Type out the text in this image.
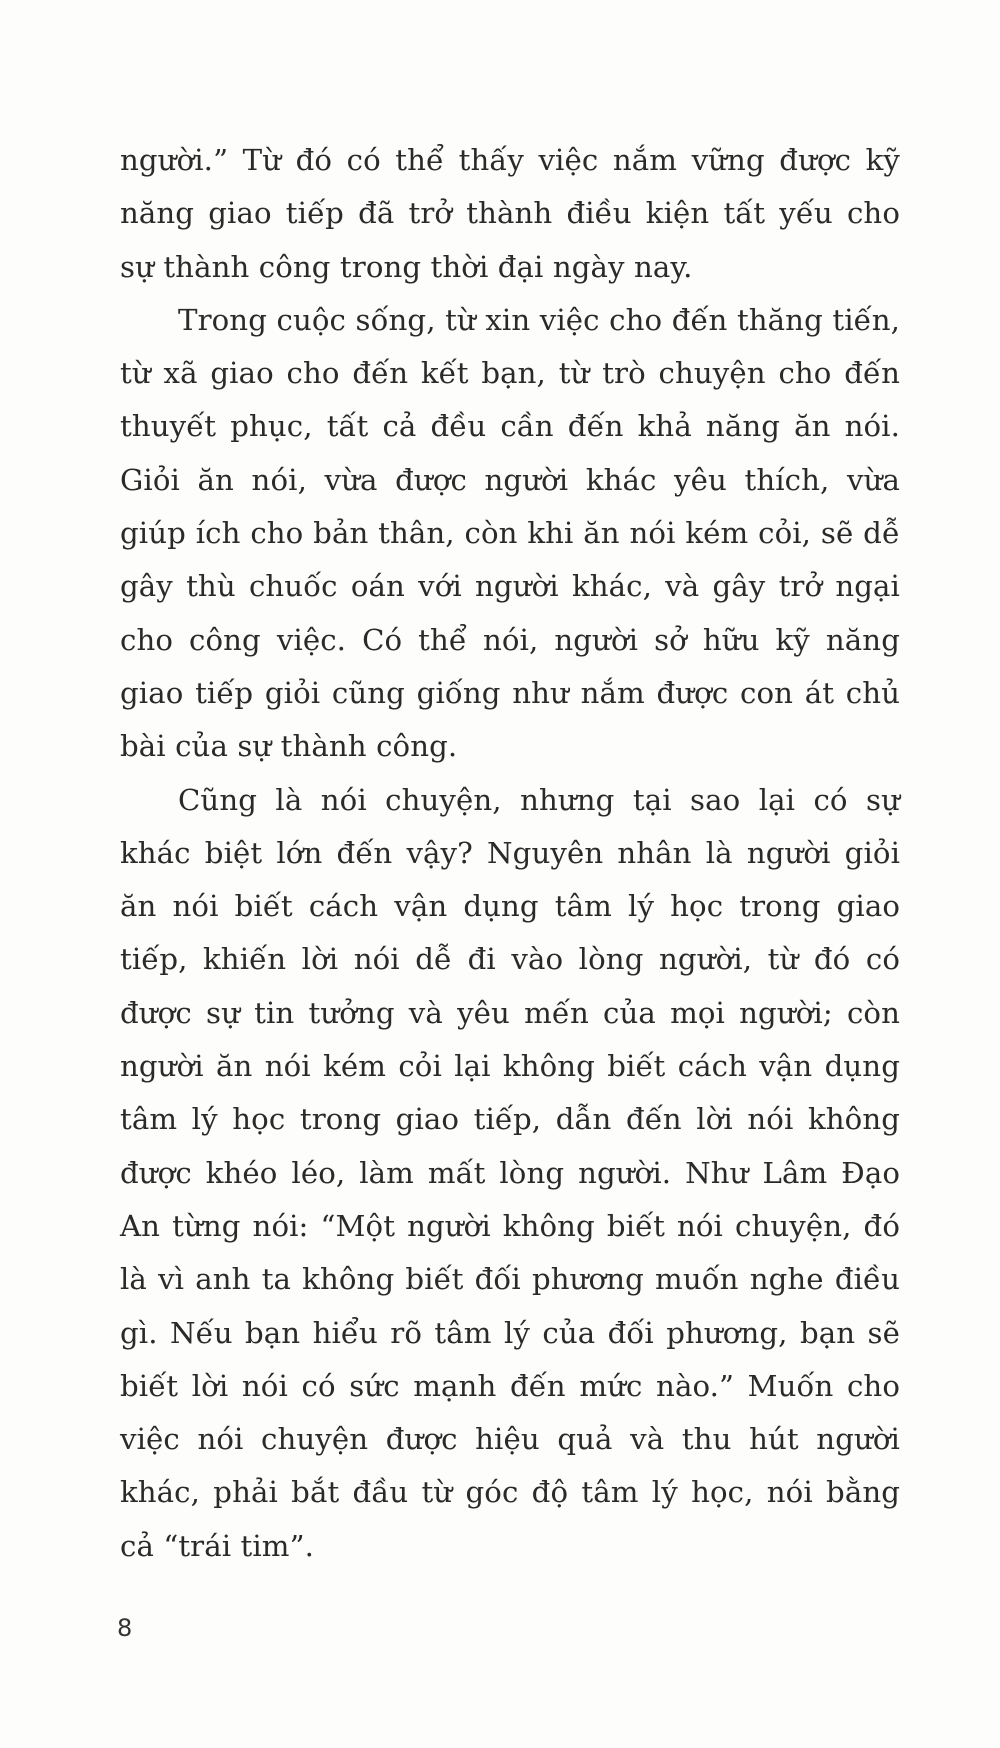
người.” Từ đó có thể thấy việc nắm vững được kỹ
năng giao tiếp đã trở thành điều kiện tất yếu cho
sự thành công trong thời đại ngày nay.
Trong cuộc sống, từ xin việc cho đến thăng tiến,
từ xã giao cho đến kết bạn, từ trò chuyện cho đến
thuyết phục, tất cả đều cần đến khả năng ăn nói.
Giỏi ăn nói, vừa được người khác yêu thích, vừa
giúp ích cho bản thân, còn khi ăn nói kém cỏi, sẽ dễ
gây thù chuốc oán với người khác, và gây trở ngại
cho công việc. Có thể nói, người sở hữu kỹ năng
giao tiếp giỏi cũng giống như nắm được con át chủ
bài của sự thành công.
Cũng là nói chuyện, nhưng tại sao lại có sự
khác biệt lớn đến vậy? Nguyên nhân là người giỏi
ăn nói biết cách vận dụng tâm lý học trong giao
tiếp, khiến lời nói dễ đi vào lòng người, từ đó có
được sự tin tưởng và yêu mến của mọi người; còn
người ăn nói kém cỏi lại không biết cách vận dụng
tâm lý học trong giao tiếp, dẫn đến lời nói không
được khéo léo, làm mất lòng người. Như Lâm Đạo
An từng nói: “Một người không biết nói chuyện, đó
là vì anh ta không biết đối phương muốn nghe điều
gì. Nếu bạn hiểu rõ tâm lý của đối phương, bạn sẽ
biết lời nói có sức mạnh đến mức nào.” Muốn cho
việc nói chuyện được hiệu quả và thu hút người
khác, phải bắt đầu từ góc độ tâm lý học, nói bằng
cả “trái tim”.
8
